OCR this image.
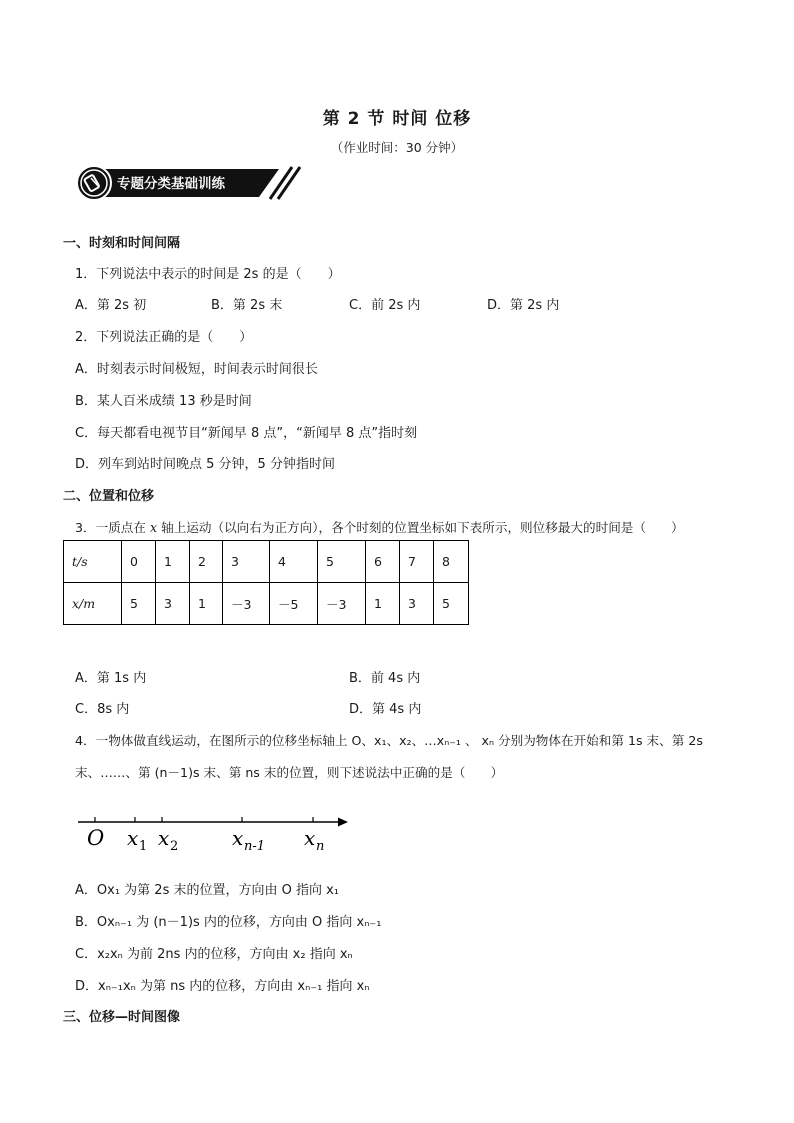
第 2 节 时间 位移
（作业时间：30 分钟）
专题分类基础训练
一、时刻和时间间隔
1．下列说法中表示的时间是 2s 的是（　　）
A．第 2s 初	B．第 2s 末	C．前 2s 内	D．第 2s 内
2．下列说法正确的是（　　）
A．时刻表示时间极短，时间表示时间很长
B．某人百米成绩 13 秒是时间
C．每天都看电视节目“新闻早 8 点”，“新闻早 8 点”指时刻
D．列车到站时间晚点 5 分钟，5 分钟指时间
二、位置和位移
3．一质点在 x 轴上运动（以向右为正方向），各个时刻的位置坐标如下表所示，则位移最大的时间是（　　）
t/s	0	1	2	3	4	5	6	7	8
x/m	5	3	1	－3	－5	－3	1	3	5
A．第 1s 内	B．前 4s 内
C．8s 内	D．第 4s 内
4．一物体做直线运动，在图所示的位移坐标轴上 O、x₁、x₂、…xₙ₋₁ 、 xₙ 分别为物体在开始和第 1s 末、第 2s
末、……、第 (n－1)s 末、第 ns 末的位置，则下述说法中正确的是（　　）
O x 1 x 2	x n-1 x n
A．Ox₁ 为第 2s 末的位置，方向由 O 指向 x₁
B．Oxₙ₋₁ 为 (n－1)s 内的位移，方向由 O 指向 xₙ₋₁
C．x₂xₙ 为前 2ns 内的位移，方向由 x₂ 指向 xₙ
D．xₙ₋₁xₙ 为第 ns 内的位移，方向由 xₙ₋₁ 指向 xₙ
三、位移—时间图像
